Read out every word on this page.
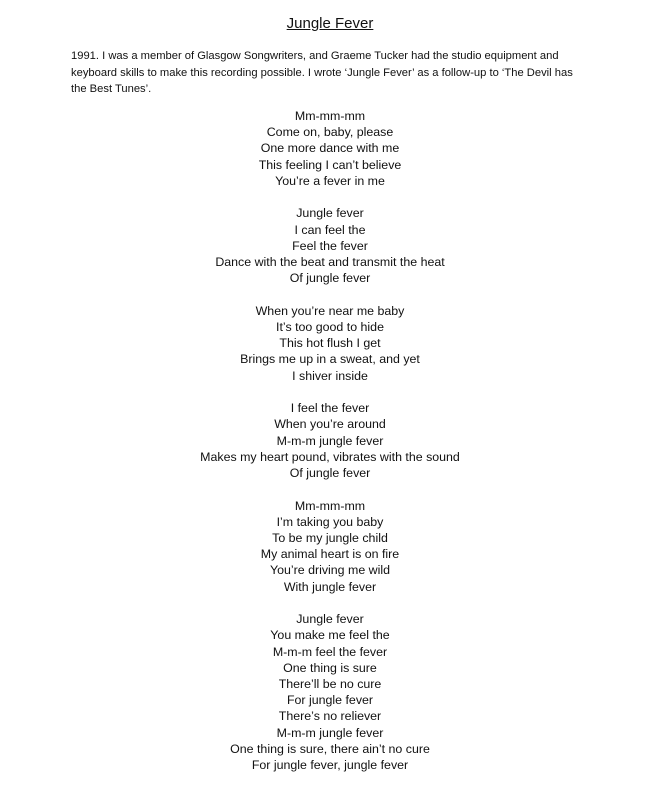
Jungle Fever

1991. I was a member of Glasgow Songwriters, and Graeme Tucker had the studio equipment and keyboard skills to make this recording possible. I wrote ‘Jungle Fever’ as a follow-up to ‘The Devil has the Best Tunes’.

Mm-mm-mm
Come on, baby, please
One more dance with me
This feeling I can’t believe
You’re a fever in me
Jungle fever
I can feel the
Feel the fever
Dance with the beat and transmit the heat
Of jungle fever
When you’re near me baby
It’s too good to hide
This hot flush I get
Brings me up in a sweat, and yet
I shiver inside
I feel the fever
When you’re around
M-m-m jungle fever
Makes my heart pound, vibrates with the sound
Of jungle fever
Mm-mm-mm
I’m taking you baby
To be my jungle child
My animal heart is on fire
You’re driving me wild
With jungle fever
Jungle fever
You make me feel the
M-m-m feel the fever
One thing is sure
There’ll be no cure
For jungle fever
There’s no reliever
M-m-m jungle fever
One thing is sure, there ain’t no cure
For jungle fever, jungle fever
